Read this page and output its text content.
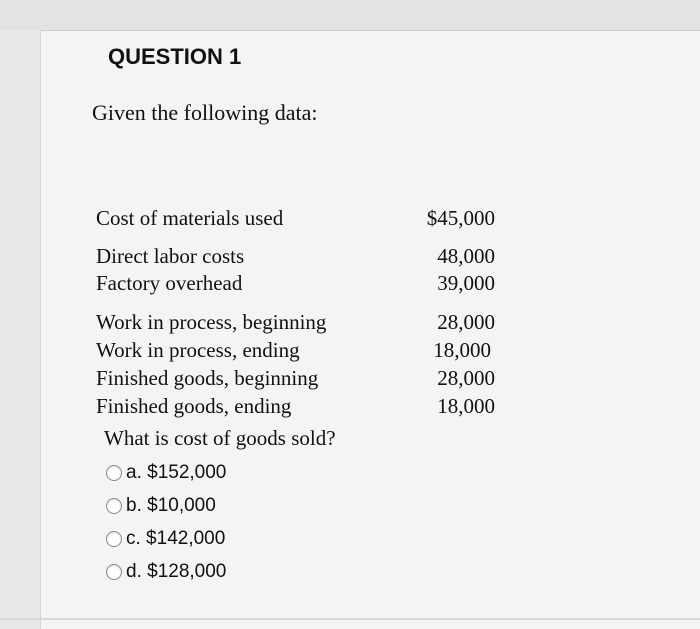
QUESTION 1
Given the following data:
Cost of materials used	$45,000
Direct labor costs	48,000
Factory overhead	39,000
Work in process, beginning	28,000
Work in process, ending	18,000
Finished goods, beginning	28,000
Finished goods, ending	18,000
What is cost of goods sold?
a. $152,000
b. $10,000
c. $142,000
d. $128,000
